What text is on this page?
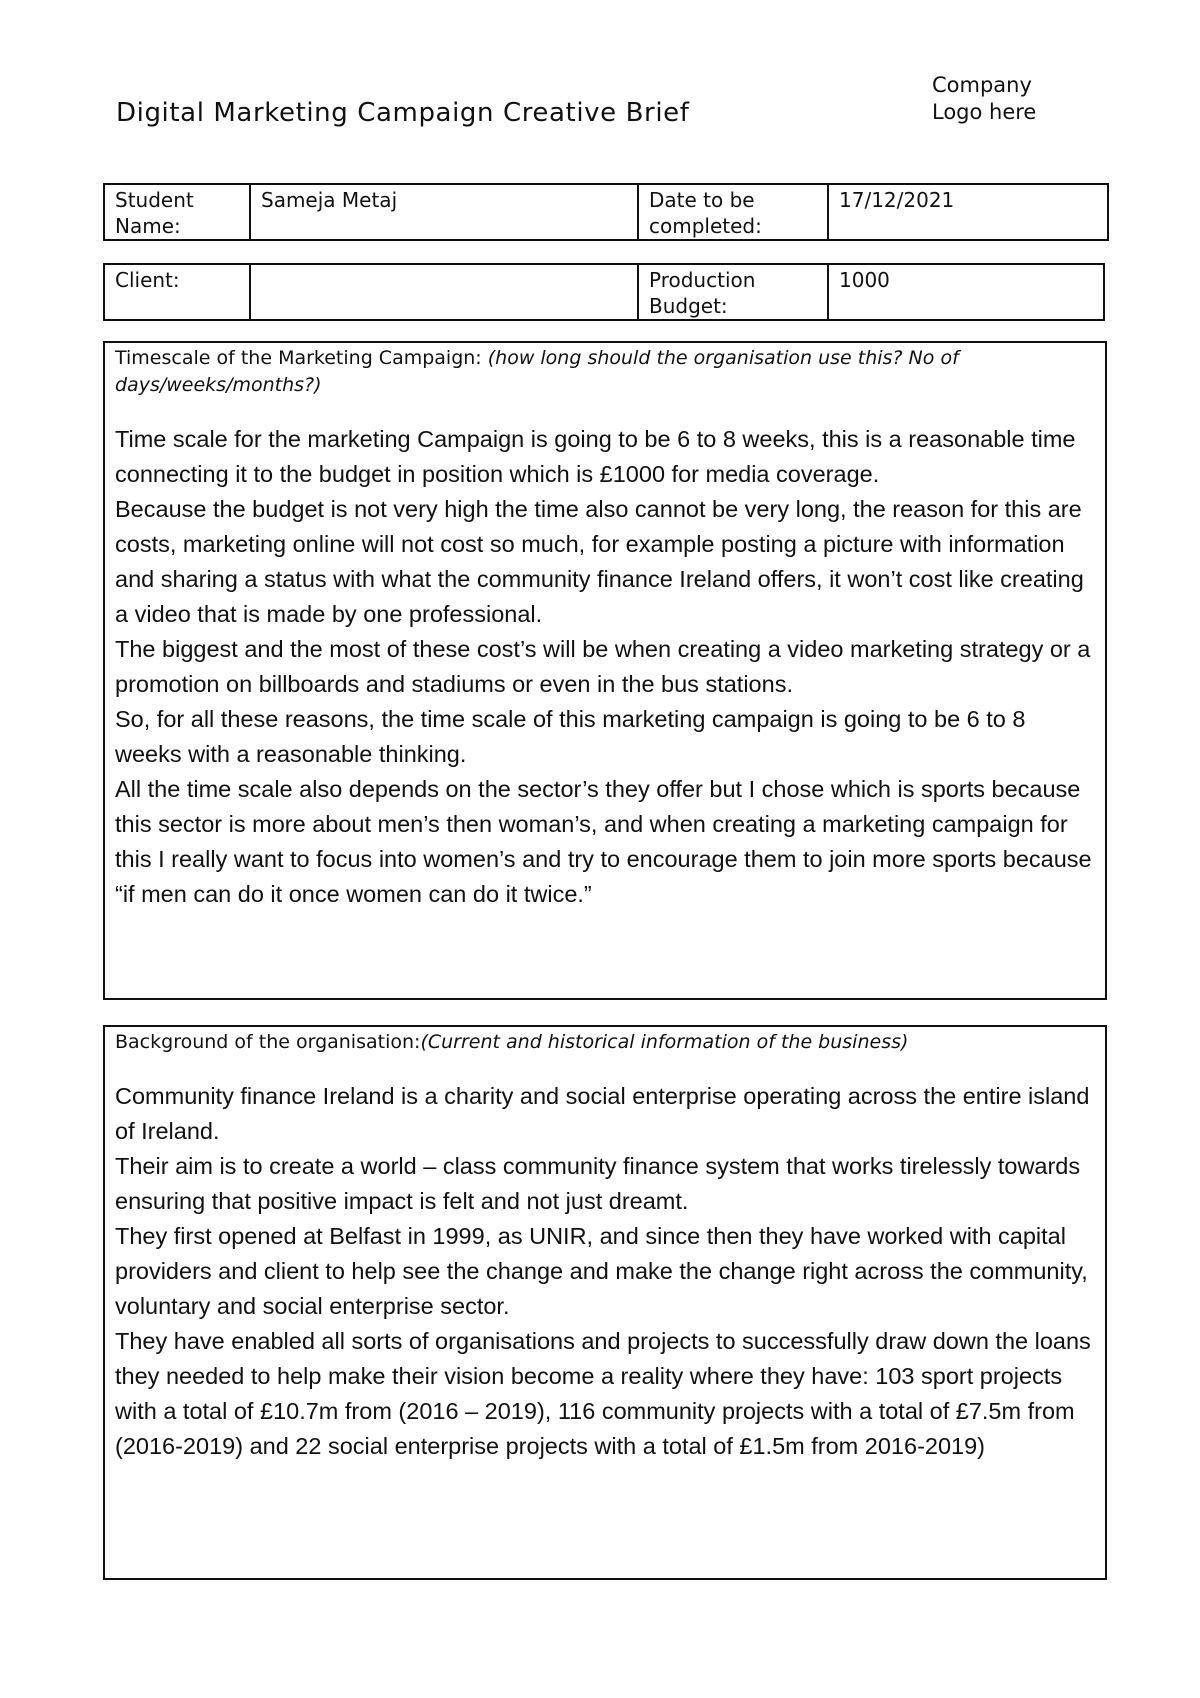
Digital Marketing Campaign Creative Brief
Company
Logo here
Student Name:	Sameja Metaj	Date to be completed:	17/12/2021
Client:		Production Budget:	1000
Timescale of the Marketing Campaign: (how long should the organisation use this? No of days/weeks/months?)

Time scale for the marketing Campaign is going to be 6 to 8 weeks, this is a reasonable time connecting it to the budget in position which is £1000 for media coverage.

Because the budget is not very high the time also cannot be very long, the reason for this are costs, marketing online will not cost so much, for example posting a picture with information and sharing a status with what the community finance Ireland offers, it won’t cost like creating a video that is made by one professional.

The biggest and the most of these cost’s will be when creating a video marketing strategy or a promotion on billboards and stadiums or even in the bus stations.

So, for all these reasons, the time scale of this marketing campaign is going to be 6 to 8 weeks with a reasonable thinking.

All the time scale also depends on the sector’s they offer but I chose which is sports because this sector is more about men’s then woman’s, and when creating a marketing campaign for this I really want to focus into women’s and try to encourage them to join more sports because “if men can do it once women can do it twice.”

Background of the organisation:(Current and historical information of the business)

Community finance Ireland is a charity and social enterprise operating across the entire island of Ireland.

Their aim is to create a world – class community finance system that works tirelessly towards ensuring that positive impact is felt and not just dreamt.

They first opened at Belfast in 1999, as UNIR, and since then they have worked with capital providers and client to help see the change and make the change right across the community, voluntary and social enterprise sector.

They have enabled all sorts of organisations and projects to successfully draw down the loans they needed to help make their vision become a reality where they have: 103 sport projects with a total of £10.7m from (2016 – 2019), 116 community projects with a total of £7.5m from (2016-2019) and 22 social enterprise projects with a total of £1.5m from 2016-2019)
